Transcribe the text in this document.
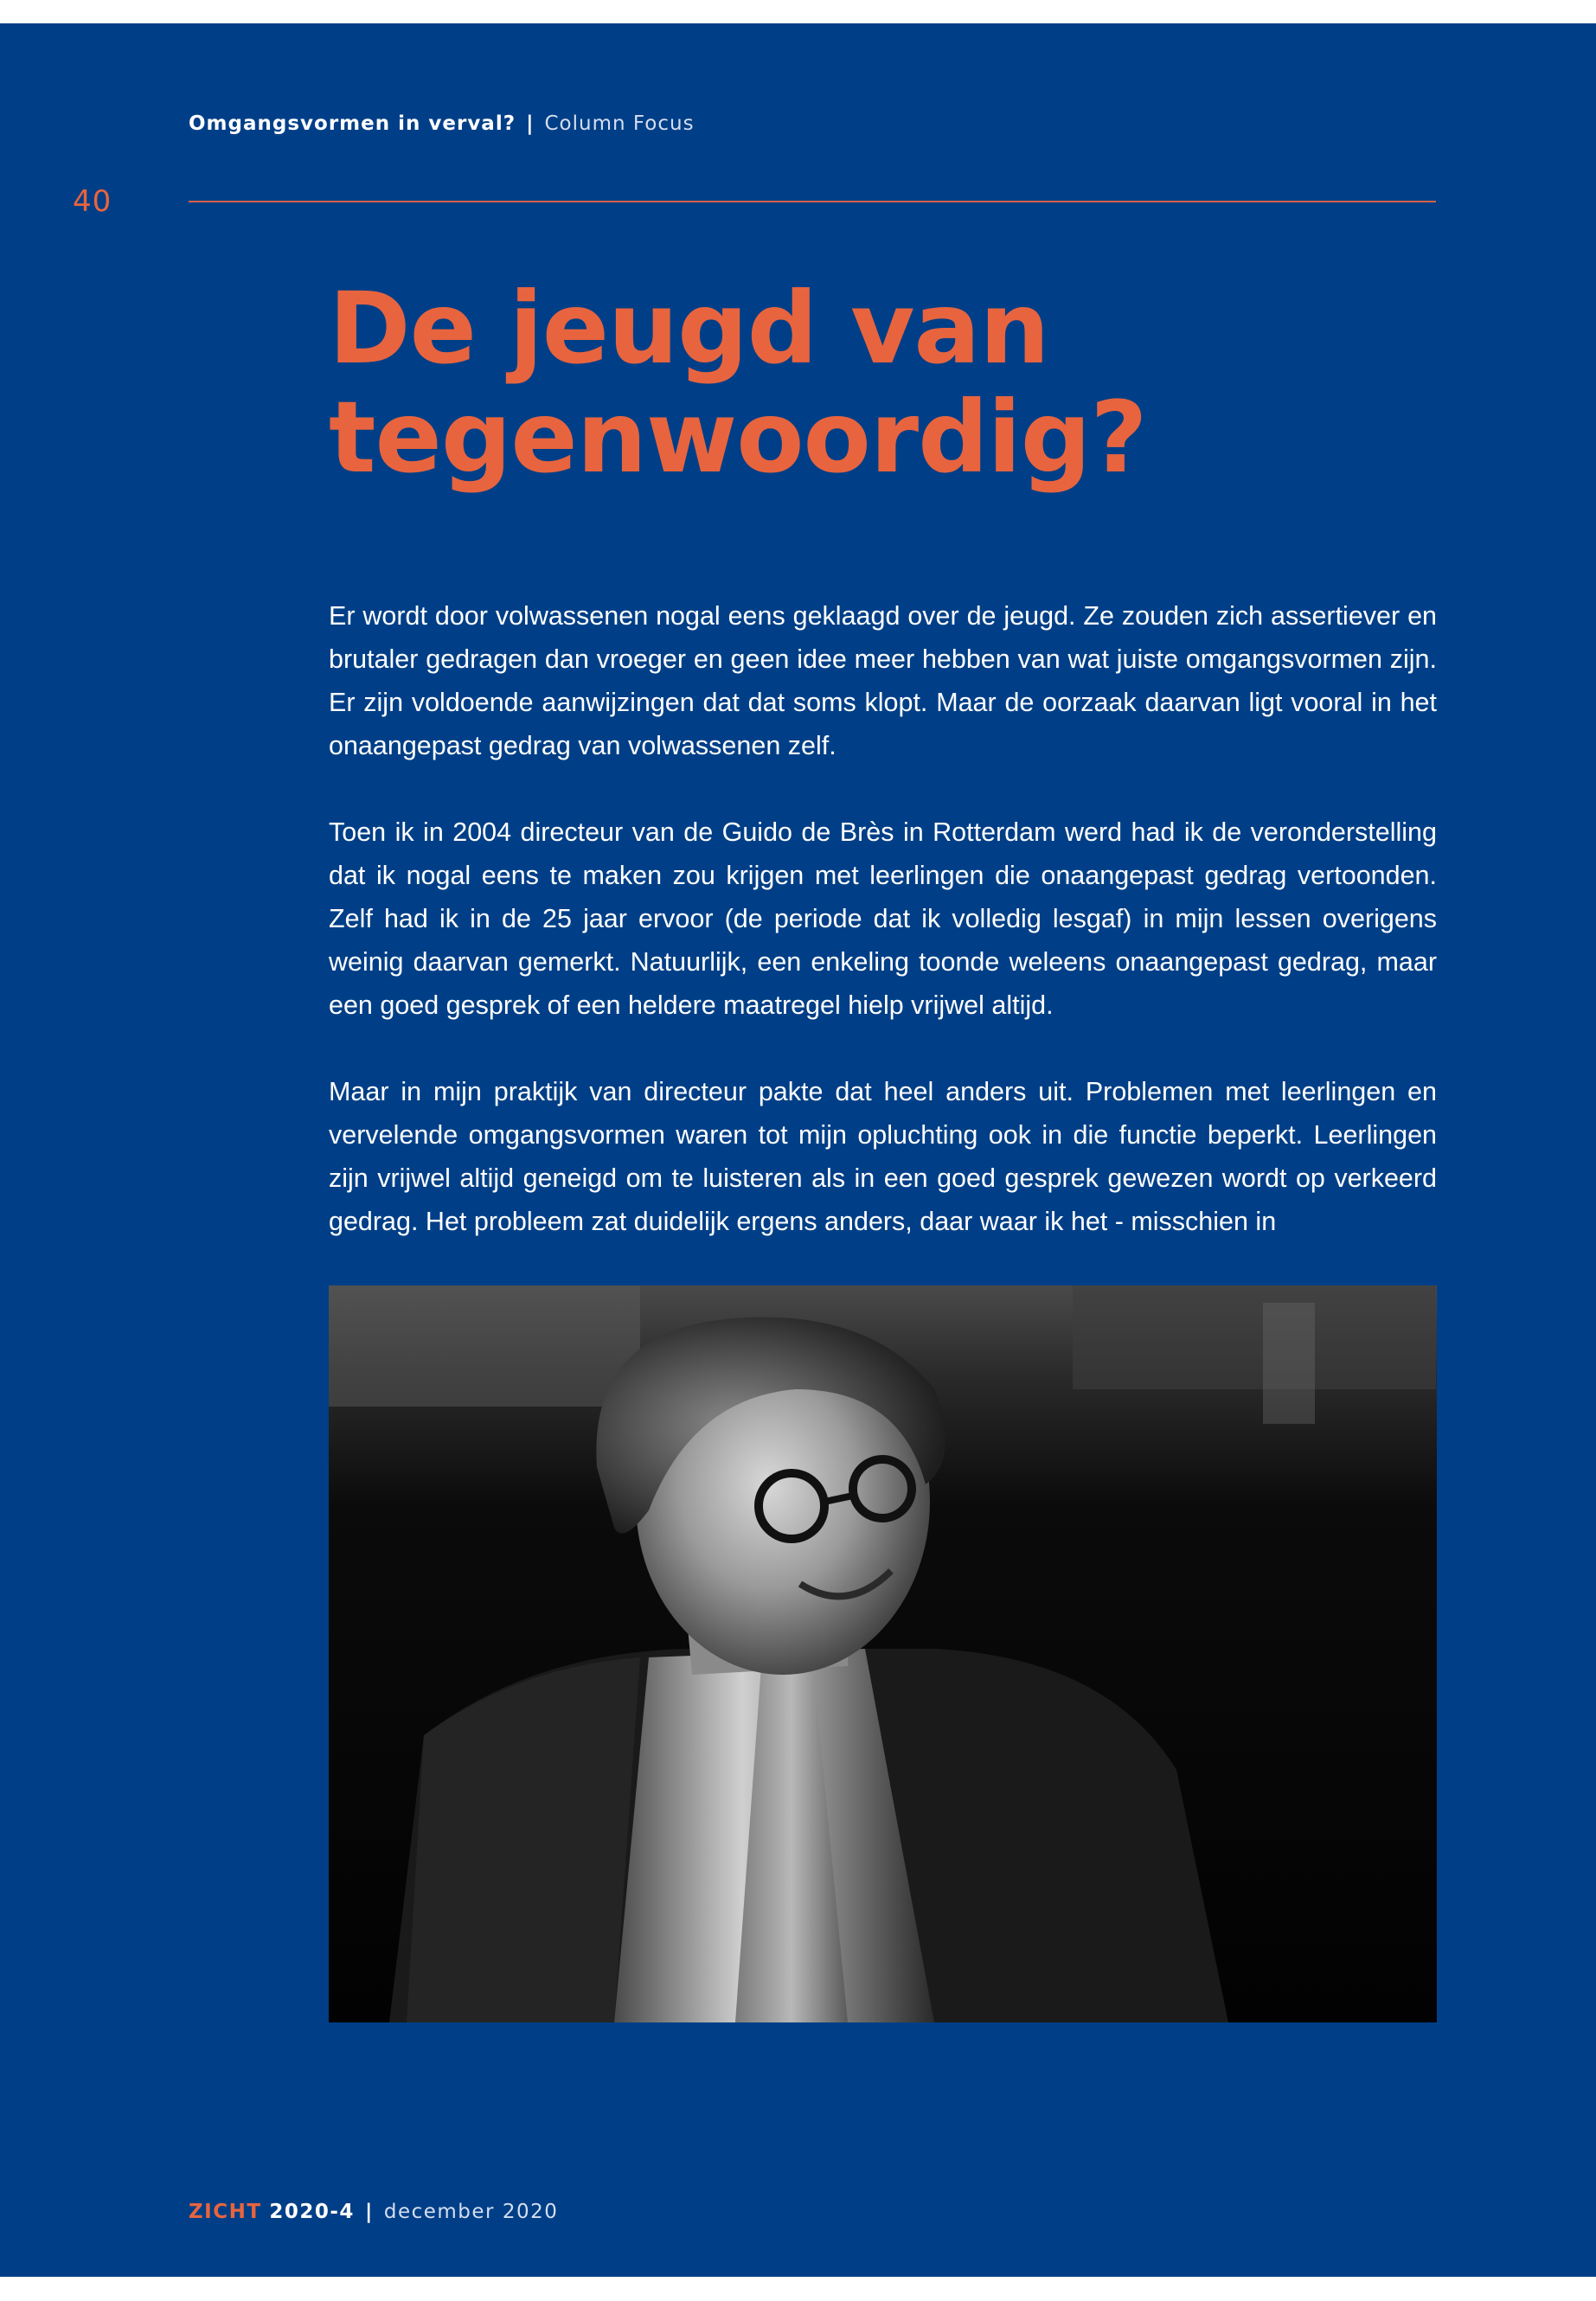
Omgangsvormen in verval? | Column Focus
40
De jeugd van
tegenwoordig?

Er wordt door volwassenen nogal eens geklaagd over de jeugd. Ze zouden zich assertiever en brutaler gedragen dan vroeger en geen idee meer hebben van wat juiste omgangsvormen zijn. Er zijn voldoende aanwijzingen dat dat soms klopt. Maar de oorzaak daarvan ligt vooral in het onaangepast gedrag van volwassenen zelf.

Toen ik in 2004 directeur van de Guido de Brès in Rotterdam werd had ik de veronderstelling dat ik nogal eens te maken zou krijgen met leerlingen die onaangepast gedrag vertoonden. Zelf had ik in de 25 jaar ervoor (de periode dat ik volledig lesgaf) in mijn lessen overigens weinig daarvan gemerkt. Natuurlijk, een enkeling toonde weleens onaangepast gedrag, maar een goed gesprek of een heldere maatregel hielp vrijwel altijd.

Maar in mijn praktijk van directeur pakte dat heel anders uit. Problemen met leerlingen en vervelende omgangsvormen waren tot mijn opluchting ook in die functie beperkt. Leerlingen zijn vrijwel altijd geneigd om te luisteren als in een goed gesprek gewezen wordt op verkeerd gedrag. Het probleem zat duidelijk ergens anders, daar waar ik het - misschien in

ZICHT 2020-4 | december 2020
